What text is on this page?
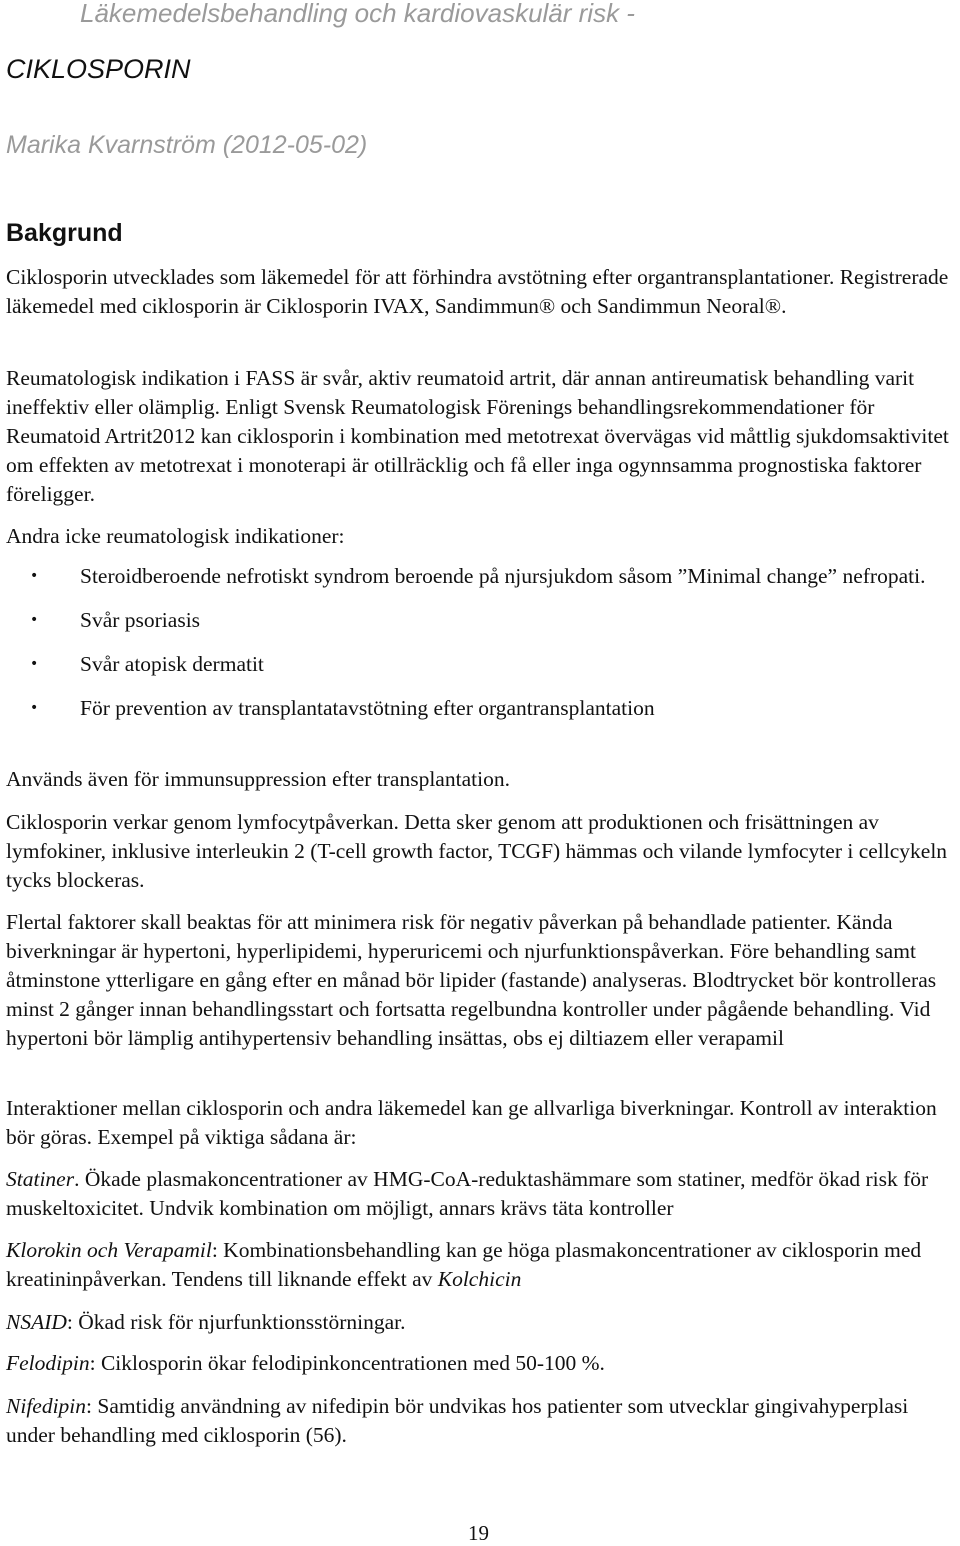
Läkemedelsbehandling och kardiovaskulär risk -
CIKLOSPORIN
Marika Kvarnström (2012-05-02)
Bakgrund

Ciklosporin utvecklades som läkemedel för att förhindra avstötning efter organtransplantationer. Registrerade läkemedel med ciklosporin är Ciklosporin IVAX, Sandimmun® och Sandimmun Neoral®.

Reumatologisk indikation i FASS är svår, aktiv reumatoid artrit, där annan antireumatisk behandling varit ineffektiv eller olämplig. Enligt Svensk Reumatologisk Förenings behandlingsrekommendationer för Reumatoid Artrit2012 kan ciklosporin i kombination med metotrexat övervägas vid måttlig sjukdomsaktivitet om effekten av metotrexat i monoterapi är otillräcklig och få eller inga ogynnsamma prognostiska faktorer föreligger.

Andra icke reumatologisk indikationer:

• Steroidberoende nefrotiskt syndrom beroende på njursjukdom såsom ”Minimal change” nefropati.
• Svår psoriasis
• Svår atopisk dermatit
• För prevention av transplantatavstötning efter organtransplantation

Används även för immunsuppression efter transplantation.

Ciklosporin verkar genom lymfocytpåverkan. Detta sker genom att produktionen och frisättningen av lymfokiner, inklusive interleukin 2 (T-cell growth factor, TCGF) hämmas och vilande lymfocyter i cellcykeln tycks blockeras.

Flertal faktorer skall beaktas för att minimera risk för negativ påverkan på behandlade patienter. Kända biverkningar är hypertoni, hyperlipidemi, hyperuricemi och njurfunktionspåverkan. Före behandling samt åtminstone ytterligare en gång efter en månad bör lipider (fastande) analyseras. Blodtrycket bör kontrolleras minst 2 gånger innan behandlingsstart och fortsatta regelbundna kontroller under pågående behandling. Vid hypertoni bör lämplig antihypertensiv behandling insättas, obs ej diltiazem eller verapamil

Interaktioner mellan ciklosporin och andra läkemedel kan ge allvarliga biverkningar. Kontroll av interaktion bör göras. Exempel på viktiga sådana är:

Statiner. Ökade plasmakoncentrationer av HMG-CoA-reduktashämmare som statiner, medför ökad risk för muskeltoxicitet. Undvik kombination om möjligt, annars krävs täta kontroller

Klorokin och Verapamil: Kombinationsbehandling kan ge höga plasmakoncentrationer av ciklosporin med kreatininpåverkan. Tendens till liknande effekt av Kolchicin

NSAID: Ökad risk för njurfunktionsstörningar.

Felodipin: Ciklosporin ökar felodipinkoncentrationen med 50-100 %.

Nifedipin: Samtidig användning av nifedipin bör undvikas hos patienter som utvecklar gingivahyperplasi under behandling med ciklosporin (56).

19
